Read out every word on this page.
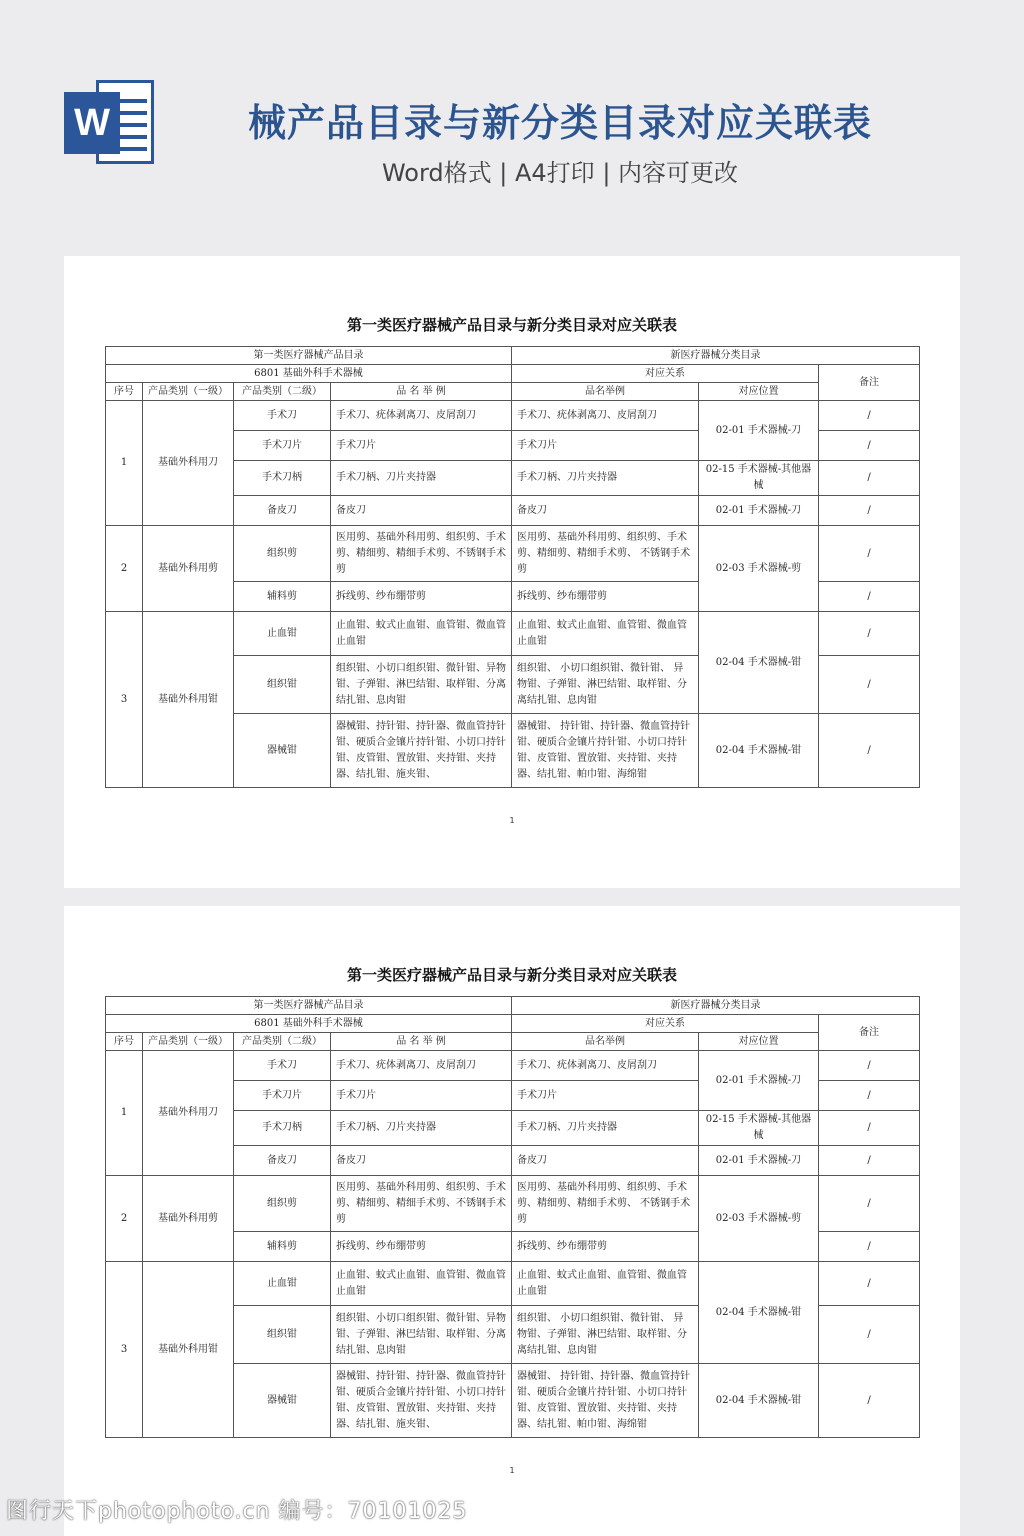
W	械产品目录与新分类目录对应关联表
Word格式 | A4打印 | 内容可更改
第一类医疗器械产品目录与新分类目录对应关联表
第一类医疗器械产品目录				新医疗器械分类目录		
6801 基础外科手术器械				对应关系		备注
序号	产品类别（一级）	产品类别（二级）	品 名 举 例	品名举例	对应位置	
1	基础外科用刀	手术刀	手术刀、疣体剥离刀、皮屑刮刀	手术刀、疣体剥离刀、皮屑刮刀	02-01 手术器械-刀	/
		手术刀片	手术刀片	手术刀片		/
		手术刀柄	手术刀柄、刀片夹持器	手术刀柄、刀片夹持器	02-15 手术器械-其他器械	/
		备皮刀	备皮刀	备皮刀	02-01 手术器械-刀	/
2	基础外科用剪	组织剪	医用剪、基础外科用剪、组织剪、手术剪、精细剪、精细手术剪、不锈钢手术剪	医用剪、基础外科用剪、组织剪、手术剪、精细剪、精细手术剪、 不锈钢手术剪	02-03 手术器械-剪	/
		辅料剪	拆线剪、纱布绷带剪	拆线剪、纱布绷带剪		/
3	基础外科用钳	止血钳	止血钳、蚊式止血钳、血管钳、微血管止血钳	止血钳、蚊式止血钳、血管钳、微血管止血钳	02-04 手术器械-钳	/
		组织钳	组织钳、小切口组织钳、微针钳、异物钳、子弹钳、淋巴结钳、取样钳、分离结扎钳、息肉钳	组织钳、 小切口组织钳、微针钳、 异物钳、子弹钳、淋巴结钳、取样钳、分离结扎钳、息肉钳		/
		器械钳	器械钳、持针钳、持针器、微血管持针钳、硬质合金镶片持针钳、小切口持针钳、皮管钳、置放钳、夹持钳、夹持器、结扎钳、施夹钳、	器械钳、 持针钳、持针器、微血管持针钳、硬质合金镶片持针钳、小切口持针钳、皮管钳、置放钳、夹持钳、夹持器、结扎钳、帕巾钳、海绵钳	02-04 手术器械-钳	/
1
第一类医疗器械产品目录与新分类目录对应关联表
第一类医疗器械产品目录				新医疗器械分类目录		
6801 基础外科手术器械				对应关系		备注
序号	产品类别（一级）	产品类别（二级）	品 名 举 例	品名举例	对应位置	
1	基础外科用刀	手术刀	手术刀、疣体剥离刀、皮屑刮刀	手术刀、疣体剥离刀、皮屑刮刀	02-01 手术器械-刀	/
		手术刀片	手术刀片	手术刀片		/
		手术刀柄	手术刀柄、刀片夹持器	手术刀柄、刀片夹持器	02-15 手术器械-其他器械	/
		备皮刀	备皮刀	备皮刀	02-01 手术器械-刀	/
2	基础外科用剪	组织剪	医用剪、基础外科用剪、组织剪、手术剪、精细剪、精细手术剪、不锈钢手术剪	医用剪、基础外科用剪、组织剪、手术剪、精细剪、精细手术剪、 不锈钢手术剪	02-03 手术器械-剪	/
		辅料剪	拆线剪、纱布绷带剪	拆线剪、纱布绷带剪		/
3	基础外科用钳	止血钳	止血钳、蚊式止血钳、血管钳、微血管止血钳	止血钳、蚊式止血钳、血管钳、微血管止血钳	02-04 手术器械-钳	/
		组织钳	组织钳、小切口组织钳、微针钳、异物钳、子弹钳、淋巴结钳、取样钳、分离结扎钳、息肉钳	组织钳、 小切口组织钳、微针钳、 异物钳、子弹钳、淋巴结钳、取样钳、分离结扎钳、息肉钳		/
		器械钳	器械钳、持针钳、持针器、微血管持针钳、硬质合金镶片持针钳、小切口持针钳、皮管钳、置放钳、夹持钳、夹持器、结扎钳、施夹钳、	器械钳、 持针钳、持针器、微血管持针钳、硬质合金镶片持针钳、小切口持针钳、皮管钳、置放钳、夹持钳、夹持器、结扎钳、帕巾钳、海绵钳	02-04 手术器械-钳	/
1
图行天下photophoto.cn 编号：70101025
